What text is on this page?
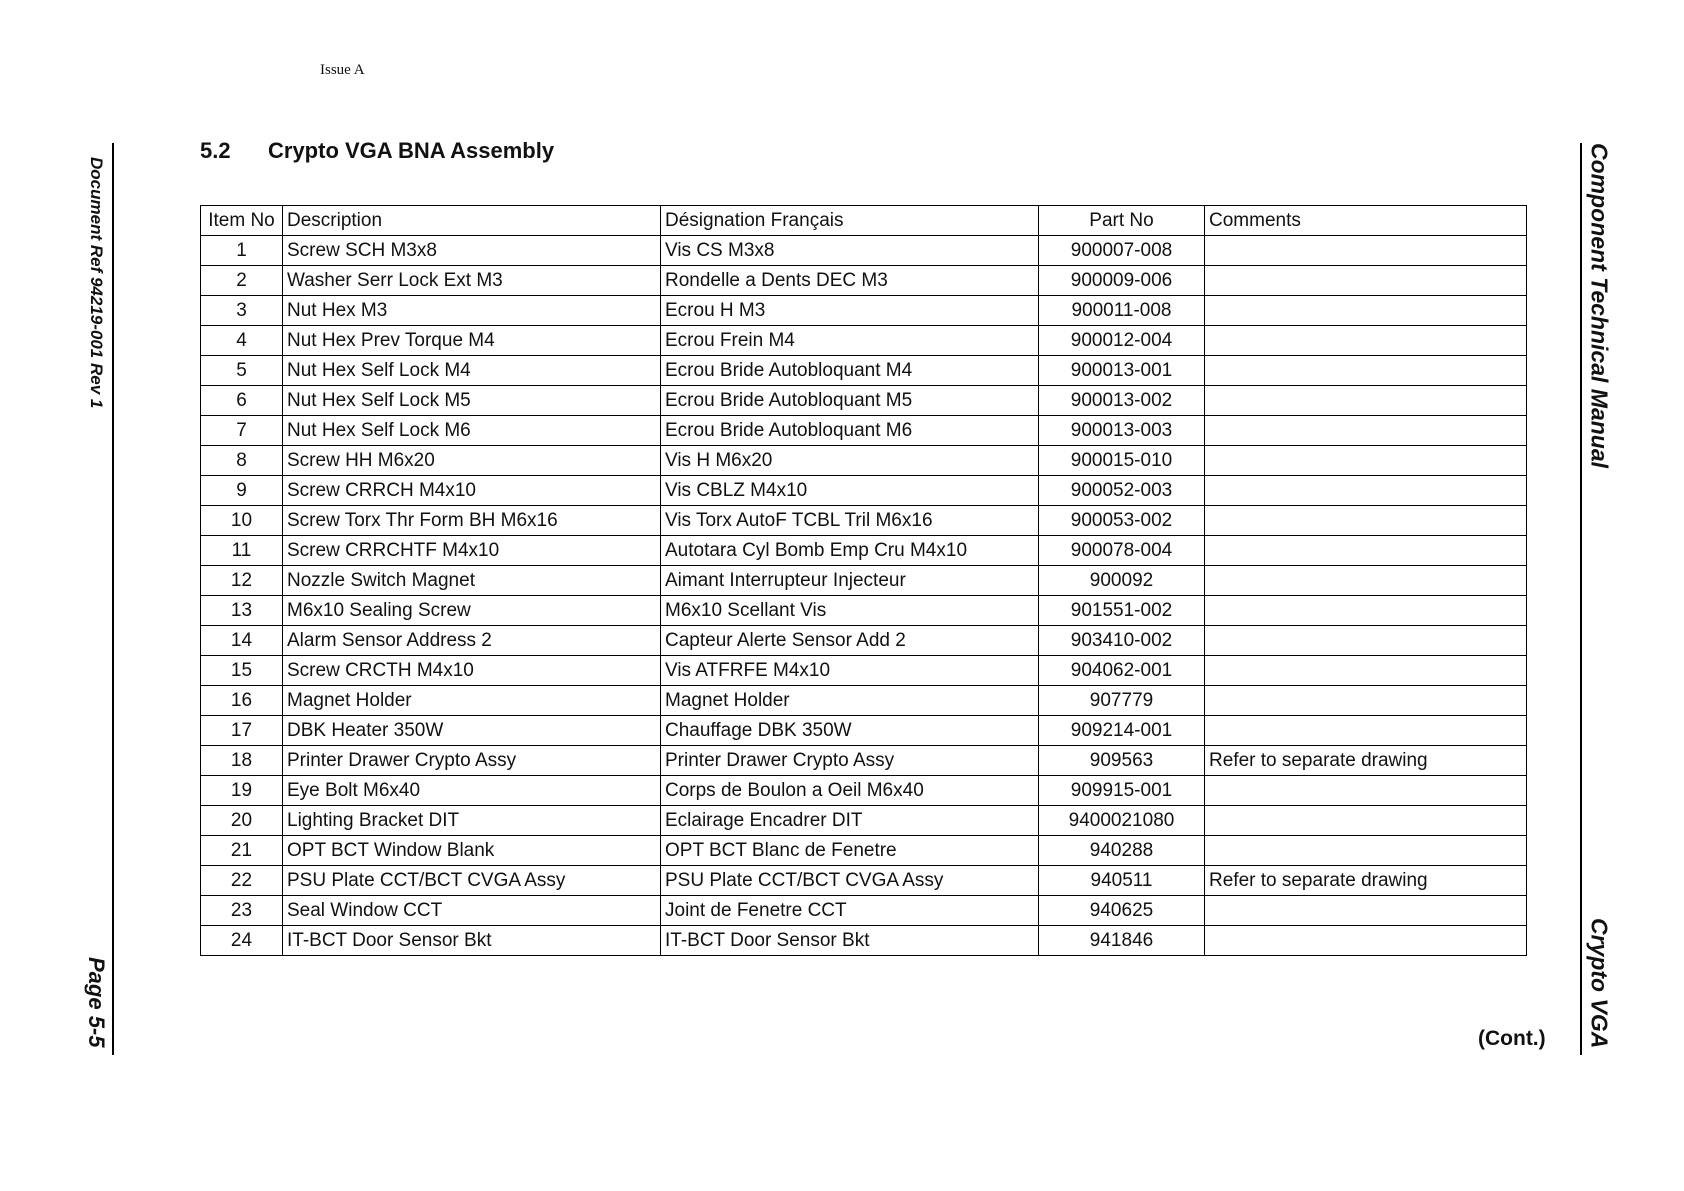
Issue A
Document Ref 94219-001 Rev 1
Page 5-5
Component Technical Manual
Crypto VGA
5.2 Crypto VGA BNA Assembly
Item No	Description	Désignation Français	Part No	Comments
1	Screw SCH M3x8	Vis CS M3x8	900007-008	
2	Washer Serr Lock Ext M3	Rondelle a Dents DEC M3	900009-006	
3	Nut Hex M3	Ecrou H M3	900011-008	
4	Nut Hex Prev Torque M4	Ecrou Frein M4	900012-004	
5	Nut Hex Self Lock M4	Ecrou Bride Autobloquant M4	900013-001	
6	Nut Hex Self Lock M5	Ecrou Bride Autobloquant M5	900013-002	
7	Nut Hex Self Lock M6	Ecrou Bride Autobloquant M6	900013-003	
8	Screw HH M6x20	Vis H M6x20	900015-010	
9	Screw CRRCH M4x10	Vis CBLZ M4x10	900052-003	
10	Screw Torx Thr Form BH M6x16	Vis Torx AutoF TCBL Tril M6x16	900053-002	
11	Screw CRRCHTF M4x10	Autotara Cyl Bomb Emp Cru M4x10	900078-004	
12	Nozzle Switch Magnet	Aimant Interrupteur Injecteur	900092	
13	M6x10 Sealing Screw	M6x10 Scellant Vis	901551-002	
14	Alarm Sensor Address 2	Capteur Alerte Sensor Add 2	903410-002	
15	Screw CRCTH M4x10	Vis ATFRFE M4x10	904062-001	
16	Magnet Holder	Magnet Holder	907779	
17	DBK Heater 350W	Chauffage DBK 350W	909214-001	
18	Printer Drawer Crypto Assy	Printer Drawer Crypto Assy	909563	Refer to separate drawing
19	Eye Bolt M6x40	Corps de Boulon a Oeil M6x40	909915-001	
20	Lighting Bracket DIT	Eclairage Encadrer DIT	9400021080	
21	OPT BCT Window Blank	OPT BCT Blanc de Fenetre	940288	
22	PSU Plate CCT/BCT CVGA Assy	PSU Plate CCT/BCT CVGA Assy	940511	Refer to separate drawing
23	Seal Window CCT	Joint de Fenetre CCT	940625	
24	IT-BCT Door Sensor Bkt	IT-BCT Door Sensor Bkt	941846	
(Cont.)
